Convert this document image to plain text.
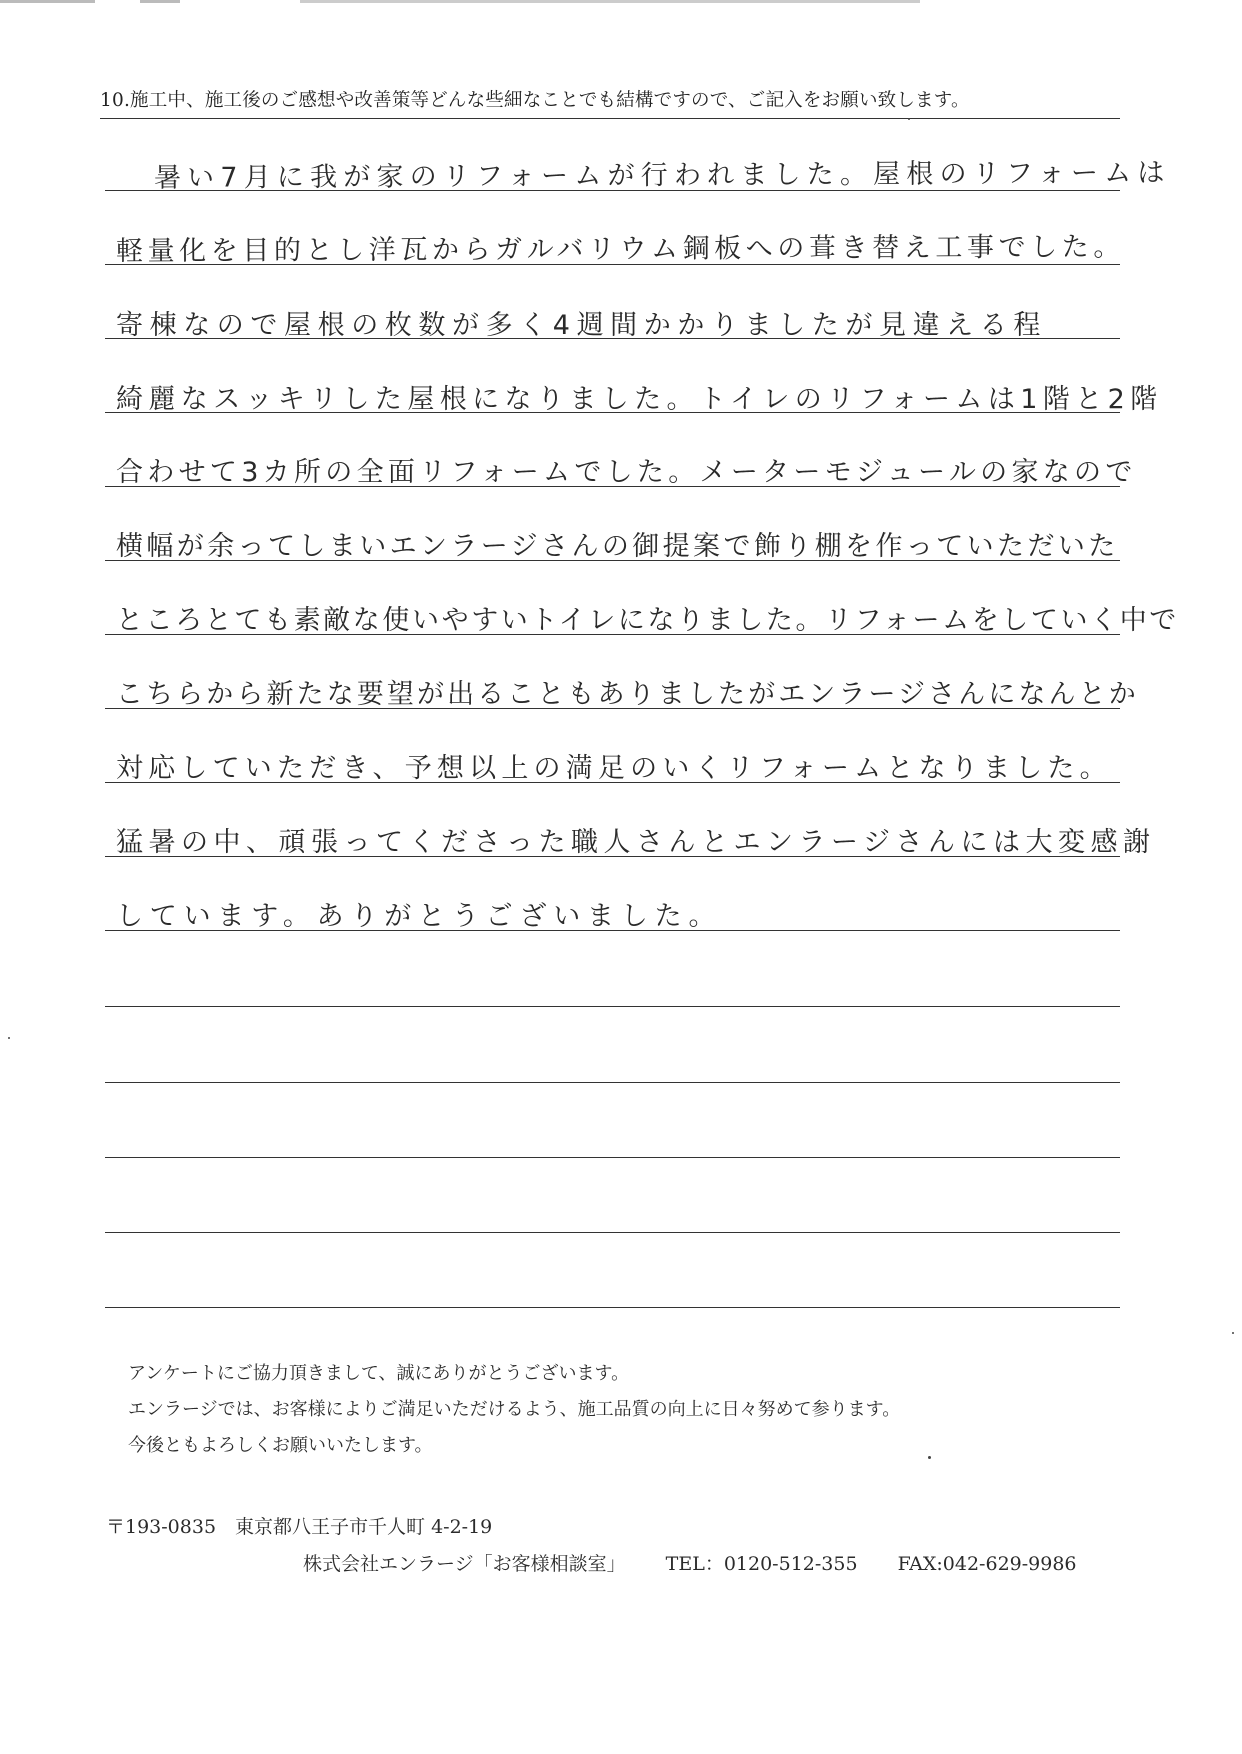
10.施工中、施工後のご感想や改善策等どんな些細なことでも結構ですので、ご記入をお願い致します。
暑い7月に我が家のリフォームが行われました。屋根のリフォームは
軽量化を目的とし洋瓦からガルバリウム鋼板への葺き替え工事でした。
寄棟なので屋根の枚数が多く4週間かかりましたが見違える程
綺麗なスッキリした屋根になりました。トイレのリフォームは1階と2階
合わせて3カ所の全面リフォームでした。メーターモジュールの家なので
横幅が余ってしまいエンラージさんの御提案で飾り棚を作っていただいた
ところとても素敵な使いやすいトイレになりました。リフォームをしていく中で
こちらから新たな要望が出ることもありましたがエンラージさんになんとか
対応していただき、予想以上の満足のいくリフォームとなりました。
猛暑の中、頑張ってくださった職人さんとエンラージさんには大変感謝
しています。ありがとうございました。
アンケートにご協力頂きまして、誠にありがとうございます。
エンラージでは、お客様によりご満足いただけるよう、施工品質の向上に日々努めて参ります。
今後ともよろしくお願いいたします。
〒193-0835　東京都八王子市千人町 4-2-19
株式会社エンラージ「お客様相談室」 TEL：0120-512-355 FAX:042-629-9986
